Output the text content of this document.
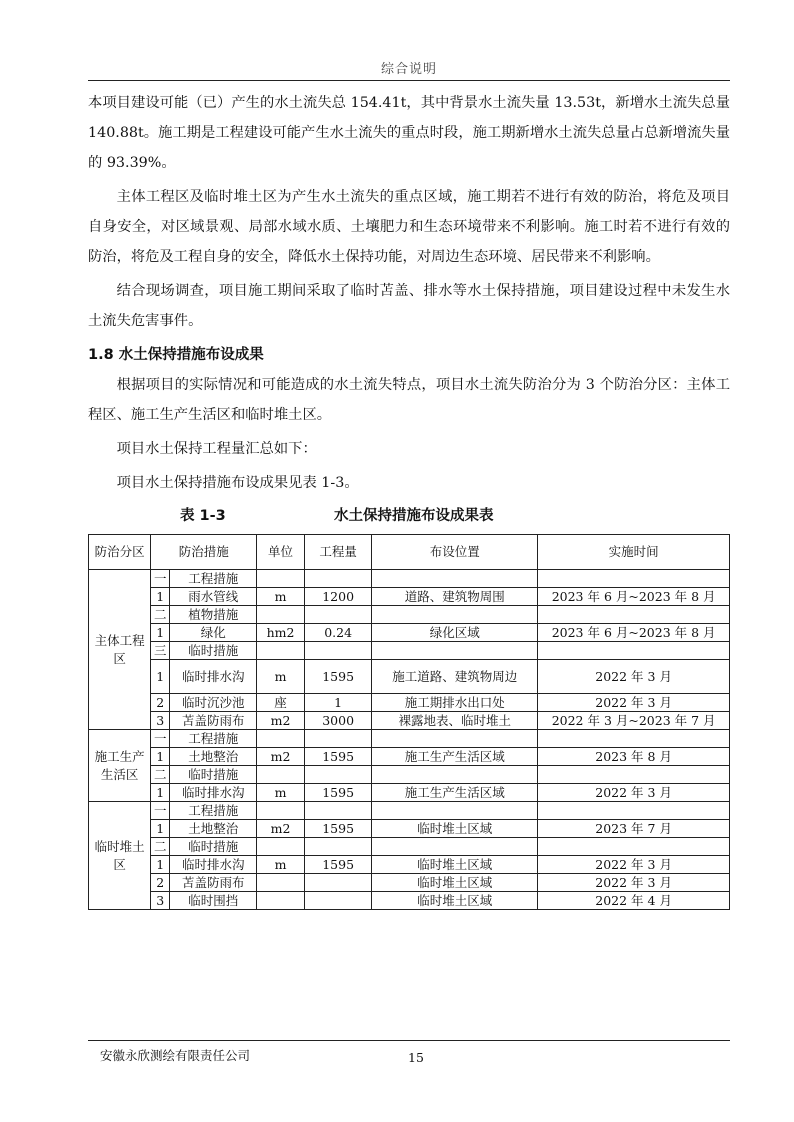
综合说明

本项目建设可能（已）产生的水土流失总 154.41t，其中背景水土流失量 13.53t，新增水土流失总量 140.88t。施工期是工程建设可能产生水土流失的重点时段，施工期新增水土流失总量占总新增流失量的 93.39%。

主体工程区及临时堆土区为产生水土流失的重点区域，施工期若不进行有效的防治，将危及项目自身安全，对区域景观、局部水域水质、土壤肥力和生态环境带来不利影响。施工时若不进行有效的防治，将危及工程自身的安全，降低水土保持功能，对周边生态环境、居民带来不利影响。

结合现场调查，项目施工期间采取了临时苫盖、排水等水土保持措施，项目建设过程中未发生水土流失危害事件。

1.8 水土保持措施布设成果

根据项目的实际情况和可能造成的水土流失特点，项目水土流失防治分为 3 个防治分区：主体工程区、施工生产生活区和临时堆土区。

项目水土保持工程量汇总如下：

项目水土保持措施布设成果见表 1-3。

表 1-3	水土保持措施布设成果表
防治分区	防治措施		单位	工程量	布设位置	实施时间
主体工程区	一	工程措施				
	1	雨水管线	m	1200	道路、建筑物周围	2023 年 6 月~2023 年 8 月
	二	植物措施				
	1	绿化	hm2	0.24	绿化区域	2023 年 6 月~2023 年 8 月
	三	临时措施				
	1	临时排水沟	m	1595	施工道路、建筑物周边	2022 年 3 月
	2	临时沉沙池	座	1	施工期排水出口处	2022 年 3 月
	3	苫盖防雨布	m2	3000	裸露地表、临时堆土	2022 年 3 月~2023 年 7 月
施工生产生活区	一	工程措施				
	1	土地整治	m2	1595	施工生产生活区域	2023 年 8 月
	二	临时措施				
	1	临时排水沟	m	1595	施工生产生活区域	2022 年 3 月
临时堆土区	一	工程措施				
	1	土地整治	m2	1595	临时堆土区域	2023 年 7 月
	二	临时措施				
	1	临时排水沟	m	1595	临时堆土区域	2022 年 3 月
	2	苫盖防雨布			临时堆土区域	2022 年 3 月
	3	临时围挡			临时堆土区域	2022 年 4 月
安徽永欣测绘有限责任公司	15
